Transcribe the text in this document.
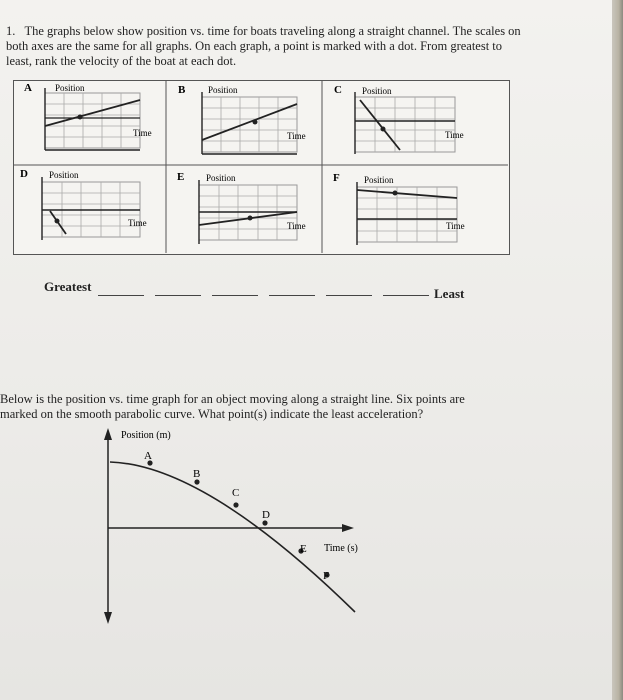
1. The graphs below show position vs. time for boats traveling along a straight channel. The scales on both axes are the same for all graphs. On each graph, a point is marked with a dot. From greatest to least, rank the velocity of the boat at each dot.
A	Position
Time
B	Position
Time
C Position
Time
D Position
Time
E Position
Time
F	Position
Time
Greatest	Least
Below is the position vs. time graph for an object moving along a straight line. Six points are
marked on the smooth parabolic curve. What point(s) indicate the least acceleration?
Position (m)
Time (s)
A
B
C
D
E
F
